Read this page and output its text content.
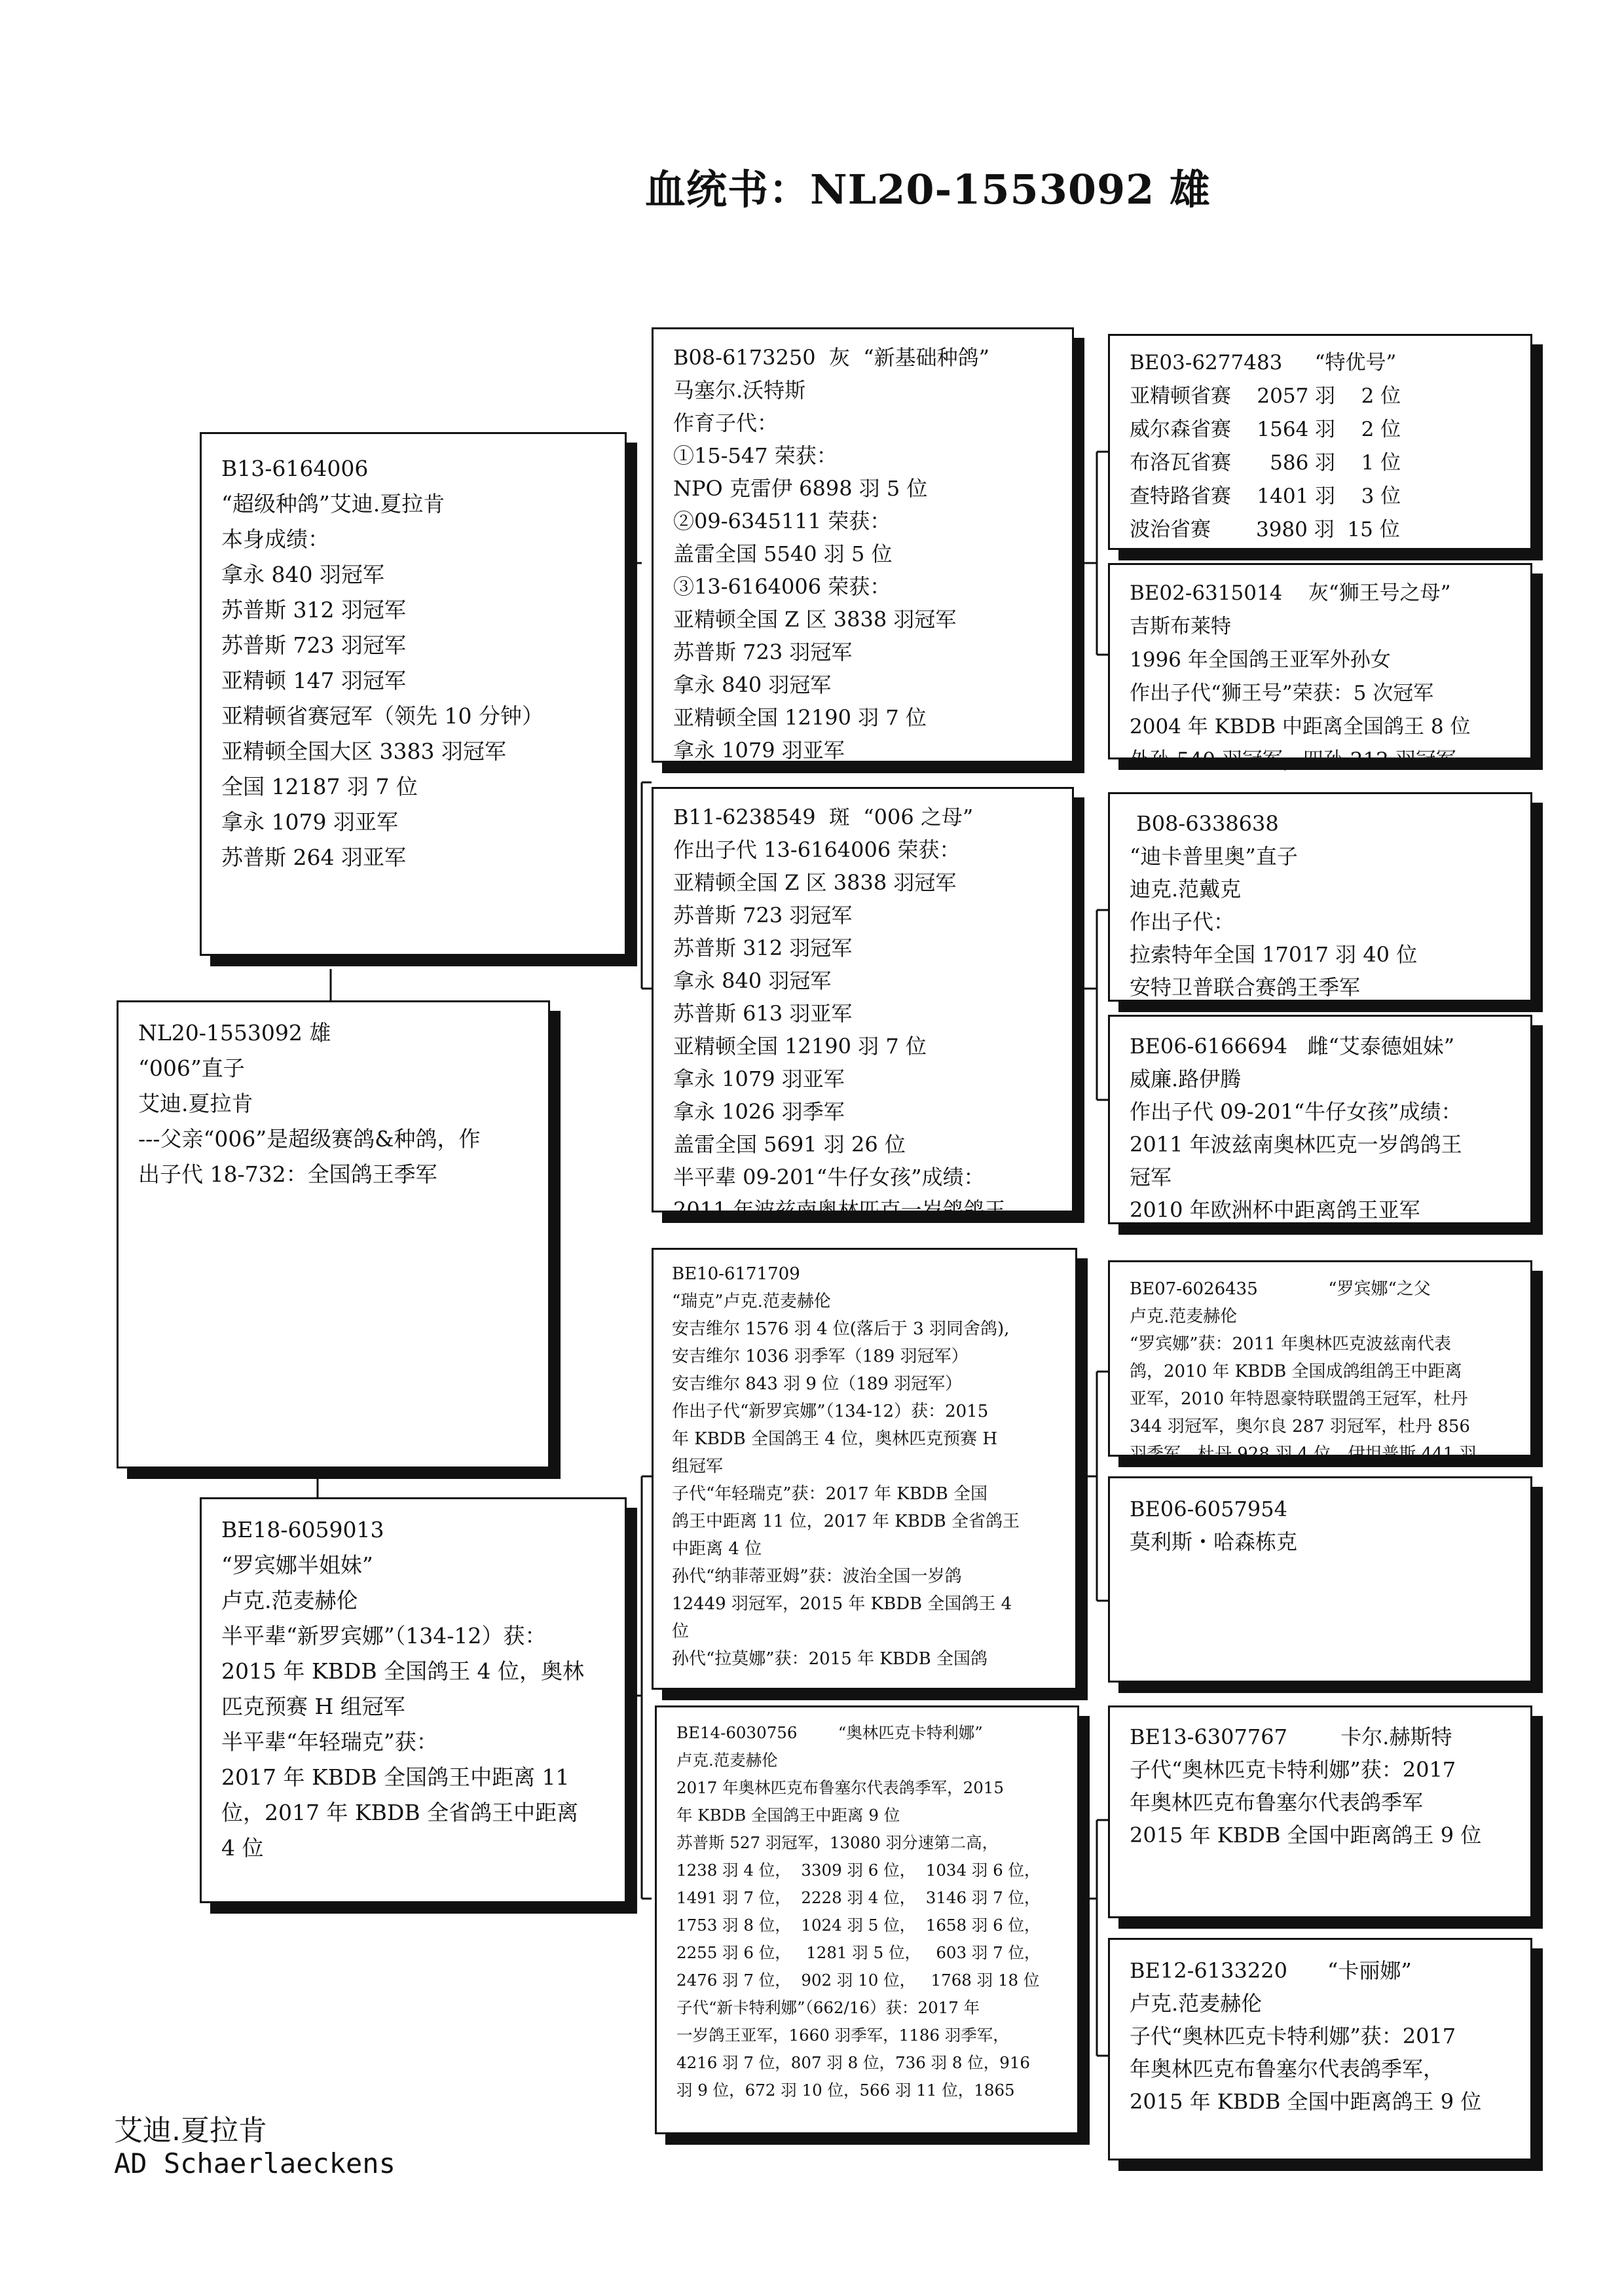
血统书：NL20-1553092 雄
NL20-1553092 雄
“006”直子
艾迪.夏拉肯
---父亲“006”是超级赛鸽&种鸽，作
出子代 18-732：全国鸽王季军
B13-6164006
“超级种鸽”艾迪.夏拉肯
本身成绩：
拿永 840 羽冠军
苏普斯 312 羽冠军
苏普斯 723 羽冠军
亚精顿 147 羽冠军
亚精顿省赛冠军（领先 10 分钟）
亚精顿全国大区 3383 羽冠军
全国 12187 羽 7 位
拿永 1079 羽亚军
苏普斯 264 羽亚军
BE18-6059013
“罗宾娜半姐妹”
卢克.范麦赫伦
半平辈“新罗宾娜”（134-12）获：
2015 年 KBDB 全国鸽王 4 位，奥林
匹克预赛 H 组冠军
半平辈“年轻瑞克”获：
2017 年 KBDB 全国鸽王中距离 11
位，2017 年 KBDB 全省鸽王中距离
4 位
B08-6173250  灰  “新基础种鸽”
马塞尔.沃特斯
作育子代：
①15-547 荣获：
NPO 克雷伊 6898 羽 5 位
②09-6345111 荣获：
盖雷全国 5540 羽 5 位
③13-6164006 荣获：
亚精顿全国 Z 区 3838 羽冠军
苏普斯 723 羽冠军
拿永 840 羽冠军
亚精顿全国 12190 羽 7 位
拿永 1079 羽亚军
B11-6238549  斑  “006 之母”
作出子代 13-6164006 荣获：
亚精顿全国 Z 区 3838 羽冠军
苏普斯 723 羽冠军
苏普斯 312 羽冠军
拿永 840 羽冠军
苏普斯 613 羽亚军
亚精顿全国 12190 羽 7 位
拿永 1079 羽亚军
拿永 1026 羽季军
盖雷全国 5691 羽 26 位
半平辈 09-201“牛仔女孩”成绩：
2011 年波兹南奥林匹克一岁鸽鸽王
BE10-6171709
“瑞克”卢克.范麦赫伦
安吉维尔 1576 羽 4 位(落后于 3 羽同舍鸽),
安吉维尔 1036 羽季军（189 羽冠军）
安吉维尔 843 羽 9 位（189 羽冠军）
作出子代“新罗宾娜”（134-12）获：2015
年 KBDB 全国鸽王 4 位，奥林匹克预赛 H
组冠军
子代“年轻瑞克”获：2017 年 KBDB 全国
鸽王中距离 11 位，2017 年 KBDB 全省鸽王
中距离 4 位
孙代“纳菲蒂亚姆”获：波治全国一岁鸽
12449 羽冠军，2015 年 KBDB 全国鸽王 4
位
孙代“拉莫娜”获：2015 年 KBDB 全国鸽
BE14-6030756        “奥林匹克卡特利娜”
卢克.范麦赫伦
2017 年奥林匹克布鲁塞尔代表鸽季军，2015
年 KBDB 全国鸽王中距离 9 位
苏普斯 527 羽冠军，13080 羽分速第二高，
1238 羽 4 位，  3309 羽 6 位，  1034 羽 6 位，
1491 羽 7 位，  2228 羽 4 位，  3146 羽 7 位，
1753 羽 8 位，  1024 羽 5 位，  1658 羽 6 位，
2255 羽 6 位，   1281 羽 5 位，   603 羽 7 位，
2476 羽 7 位，  902 羽 10 位，   1768 羽 18 位
子代“新卡特利娜”（662/16）获：2017 年
一岁鸽王亚军，1660 羽季军，1186 羽季军，
4216 羽 7 位，807 羽 8 位，736 羽 8 位，916
羽 9 位，672 羽 10 位，566 羽 11 位，1865
BE03-6277483     “特优号”
亚精顿省赛    2057 羽    2 位
威尔森省赛    1564 羽    2 位
布洛瓦省赛      586 羽    1 位
查特路省赛    1401 羽    3 位
波治省赛       3980 羽  15 位
BE02-6315014    灰“狮王号之母”
吉斯布莱特
1996 年全国鸽王亚军外孙女
作出子代“狮王号”荣获：5 次冠军
2004 年 KBDB 中距离全国鸽王 8 位
外孙 540 羽冠军，四孙 212 羽冠军
B08-6338638
“迪卡普里奥”直子
迪克.范戴克
作出子代：
拉索特年全国 17017 羽 40 位
安特卫普联合赛鸽王季军
BE06-6166694   雌“艾泰德姐妹”
威廉.路伊腾
作出子代 09-201“牛仔女孩”成绩：
2011 年波兹南奥林匹克一岁鸽鸽王
冠军
2010 年欧洲杯中距离鸽王亚军
BE07-6026435             “罗宾娜“之父
卢克.范麦赫伦
“罗宾娜”获：2011 年奥林匹克波兹南代表
鸽，2010 年 KBDB 全国成鸽组鸽王中距离
亚军，2010 年特恩豪特联盟鸽王冠军，杜丹
344 羽冠军，奥尔良 287 羽冠军，杜丹 856
羽季军，杜丹 928 羽 4 位，伊坦普斯 441 羽
BE06-6057954
莫利斯・哈森栋克
BE13-6307767        卡尔.赫斯特
子代“奥林匹克卡特利娜”获：2017
年奥林匹克布鲁塞尔代表鸽季军
2015 年 KBDB 全国中距离鸽王 9 位
BE12-6133220      “卡丽娜”
卢克.范麦赫伦
子代“奥林匹克卡特利娜”获：2017
年奥林匹克布鲁塞尔代表鸽季军，
2015 年 KBDB 全国中距离鸽王 9 位
艾迪.夏拉肯
AD Schaerlaeckens
